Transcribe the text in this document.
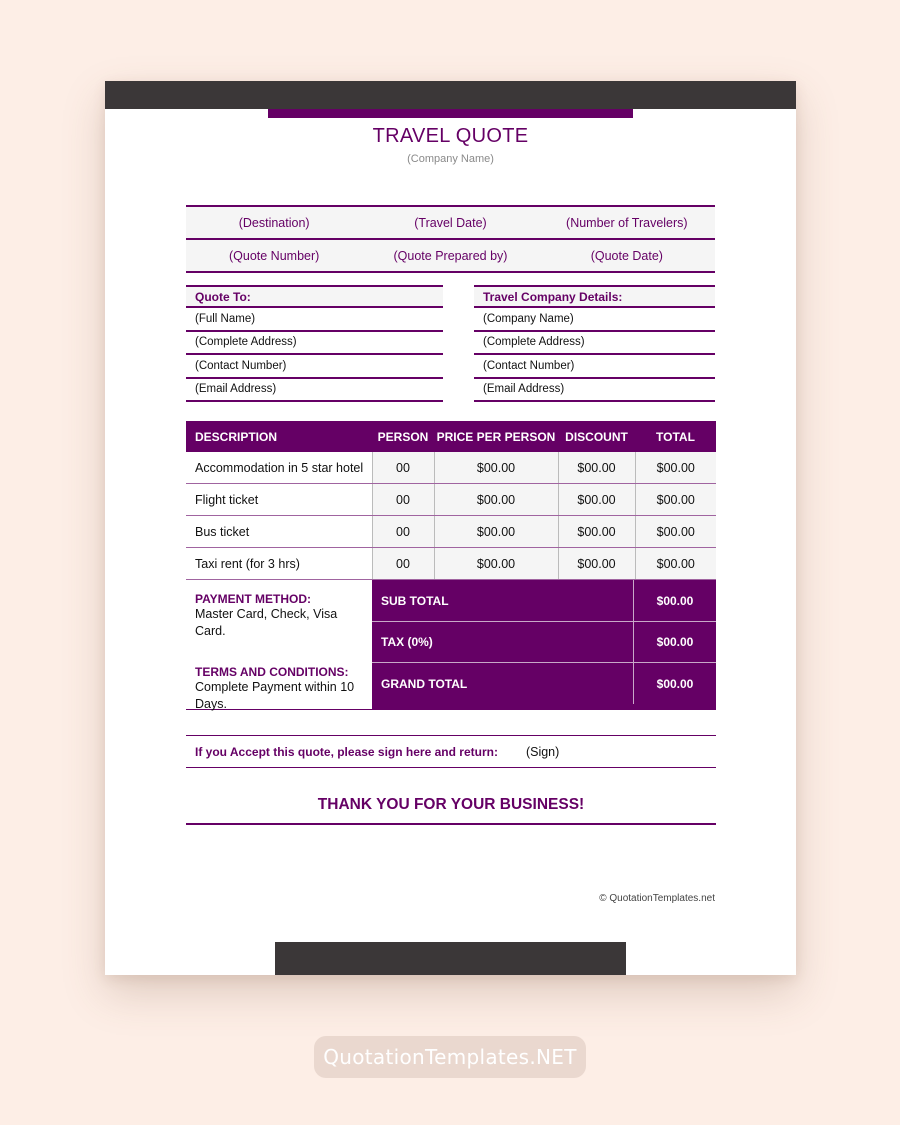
TRAVEL QUOTE
(Company Name)
(Destination)	(Travel Date)	(Number of Travelers)
(Quote Number)	(Quote Prepared by)	(Quote Date)
Quote To:
(Full Name)
(Complete Address)
(Contact Number)
(Email Address)
Travel Company Details:
(Company Name)
(Complete Address)
(Contact Number)
(Email Address)
DESCRIPTION	PERSON	PRICE PER PERSON	DISCOUNT	TOTAL
Accommodation in 5 star hotel	00	$00.00	$00.00	$00.00
Flight ticket	00	$00.00	$00.00	$00.00
Bus ticket	00	$00.00	$00.00	$00.00
Taxi rent (for 3 hrs)	00	$00.00	$00.00	$00.00
PAYMENT METHOD:
Master Card, Check, Visa Card.
TERMS AND CONDITIONS:
Complete Payment within 10 Days.
SUB TOTAL	$00.00
TAX (0%)	$00.00
GRAND TOTAL	$00.00
If you Accept this quote, please sign here and return: (Sign)
THANK YOU FOR YOUR BUSINESS!
© QuotationTemplates.net
QuotationTemplates.NET
